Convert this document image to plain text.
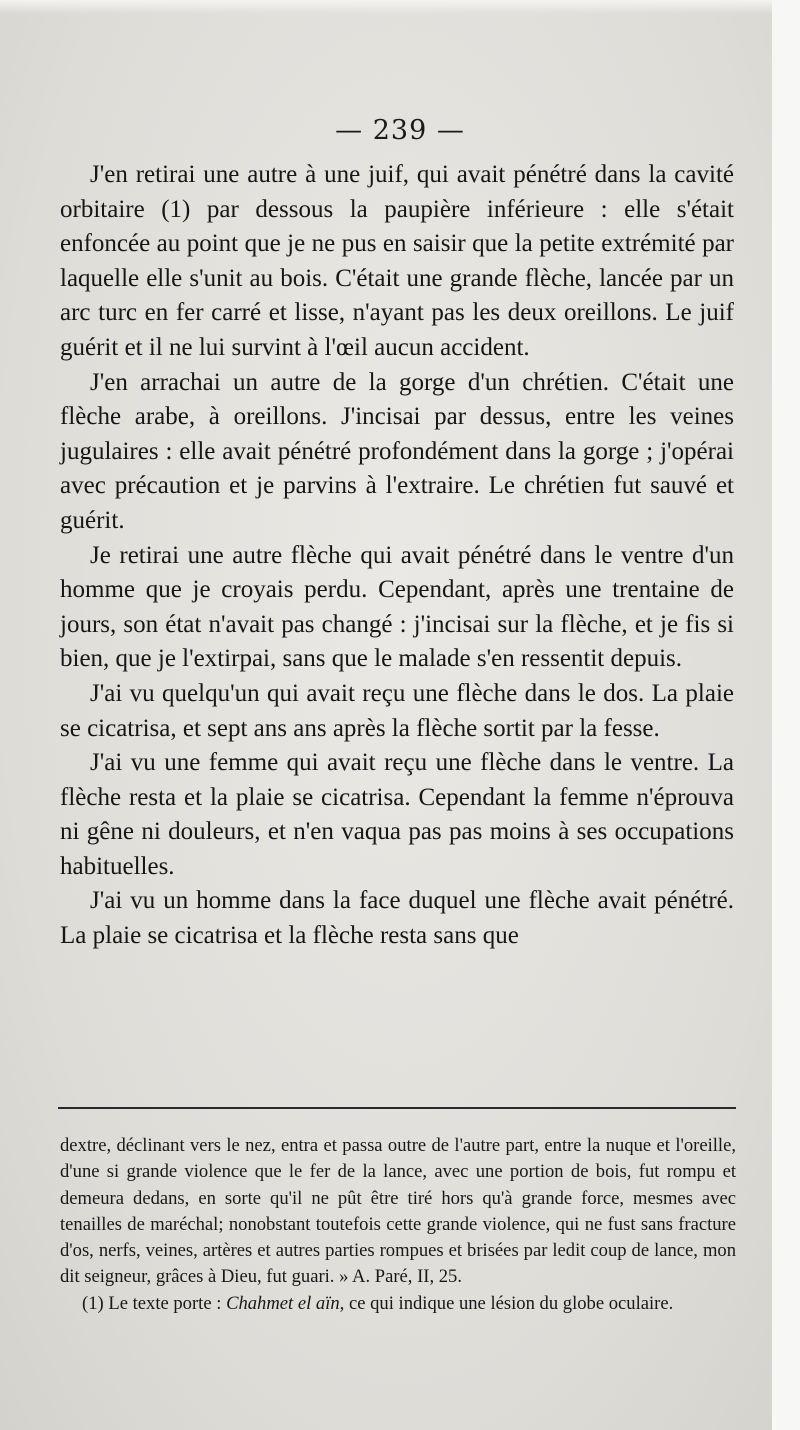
— 239 —

J'en retirai une autre à une juif, qui avait pénétré dans la cavité orbitaire (1) par dessous la paupière inférieure : elle s'était enfoncée au point que je ne pus en saisir que la petite extrémité par laquelle elle s'unit au bois. C'était une grande flèche, lancée par un arc turc en fer carré et lisse, n'ayant pas les deux oreillons. Le juif guérit et il ne lui survint à l'œil aucun accident.

J'en arrachai un autre de la gorge d'un chrétien. C'était une flèche arabe, à oreillons. J'incisai par dessus, entre les veines jugulaires : elle avait pénétré profondément dans la gorge ; j'opérai avec précaution et je parvins à l'extraire. Le chrétien fut sauvé et guérit.

Je retirai une autre flèche qui avait pénétré dans le ventre d'un homme que je croyais perdu. Cependant, après une trentaine de jours, son état n'avait pas changé : j'incisai sur la flèche, et je fis si bien, que je l'extirpai, sans que le malade s'en ressentit depuis.

J'ai vu quelqu'un qui avait reçu une flèche dans le dos. La plaie se cicatrisa, et sept ans ans après la flèche sortit par la fesse.

J'ai vu une femme qui avait reçu une flèche dans le ventre. La flèche resta et la plaie se cicatrisa. Cependant la femme n'éprouva ni gêne ni douleurs, et n'en vaqua pas pas moins à ses occupations habituelles.

J'ai vu un homme dans la face duquel une flèche avait pénétré. La plaie se cicatrisa et la flèche resta sans que

dextre, déclinant vers le nez, entra et passa outre de l'autre part, entre la nuque et l'oreille, d'une si grande violence que le fer de la lance, avec une portion de bois, fut rompu et demeura dedans, en sorte qu'il ne pût être tiré hors qu'à grande force, mesmes avec tenailles de maréchal; nonobstant toutefois cette grande violence, qui ne fust sans fracture d'os, nerfs, veines, artères et autres parties rompues et brisées par ledit coup de lance, mon dit seigneur, grâces à Dieu, fut guari. » A. Paré, II, 25.

(1) Le texte porte : Chahmet el aïn, ce qui indique une lésion du globe oculaire.
